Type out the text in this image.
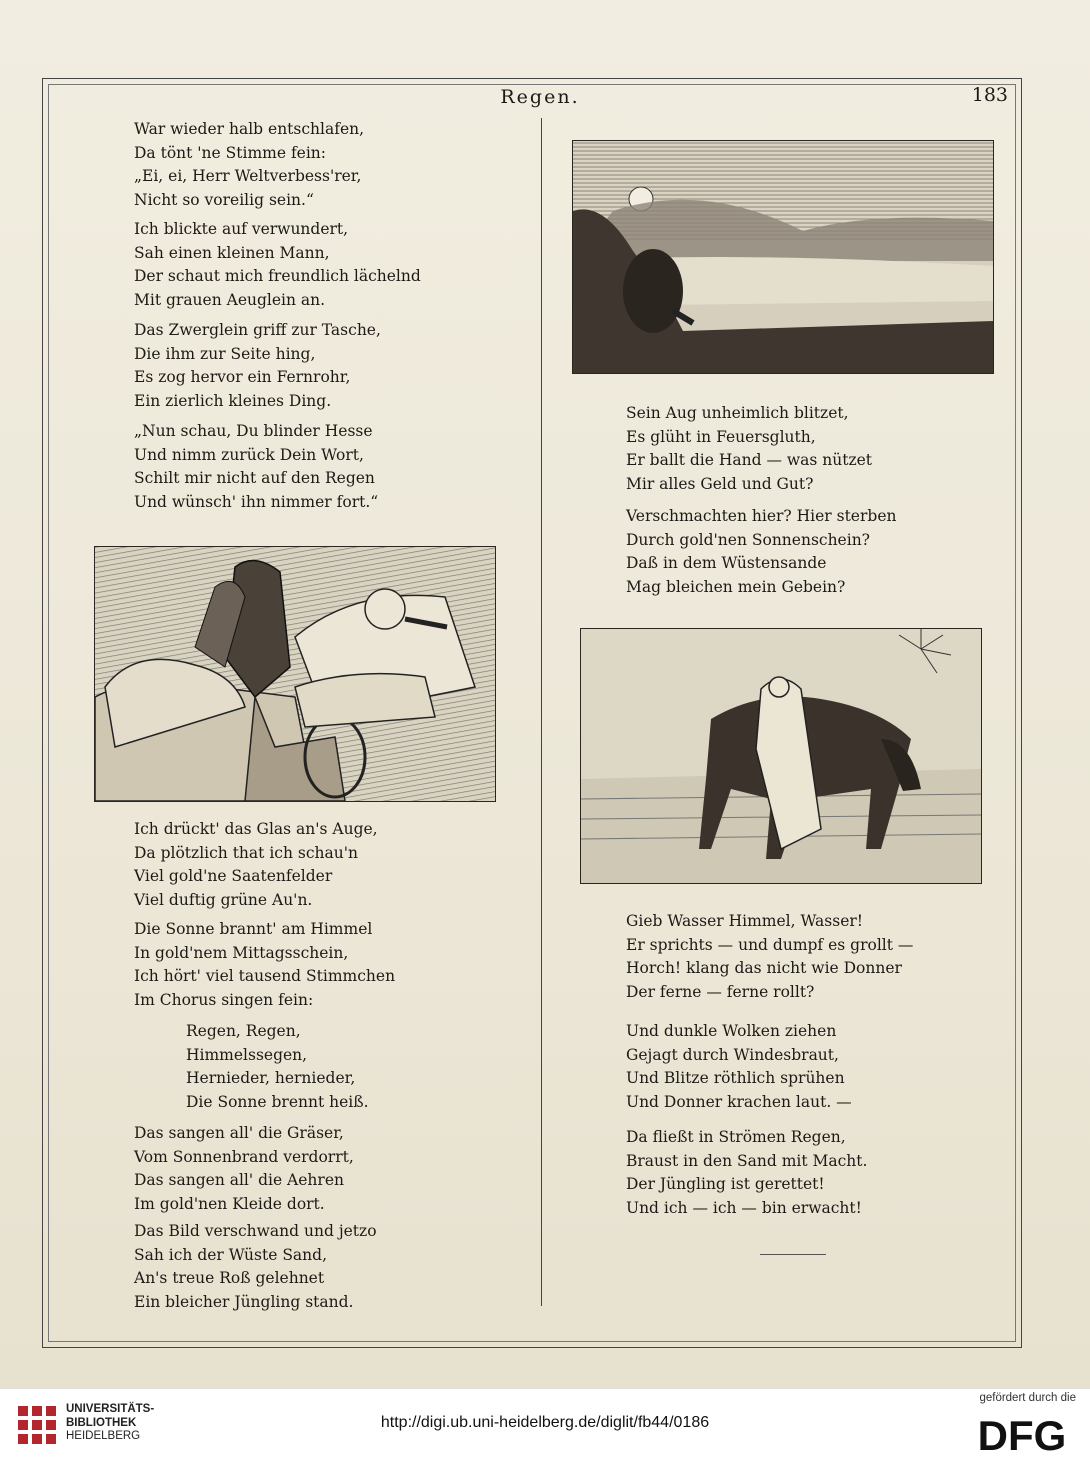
Regen.	183
War wieder halb entschlafen,
Da tönt 'ne Stimme fein:
„Ei, ei, Herr Weltverbess'rer,
Nicht so voreilig sein.“
Ich blickte auf verwundert,
Sah einen kleinen Mann,
Der schaut mich freundlich lächelnd
Mit grauen Aeuglein an.
Das Zwerglein griff zur Tasche,
Die ihm zur Seite hing,
Es zog hervor ein Fernrohr,
Ein zierlich kleines Ding.
„Nun schau, Du blinder Hesse
Und nimm zurück Dein Wort,
Schilt mir nicht auf den Regen
Und wünsch' ihn nimmer fort.“
Ich drückt' das Glas an's Auge,
Da plötzlich that ich schau'n
Viel gold'ne Saatenfelder
Viel duftig grüne Au'n.
Die Sonne brannt' am Himmel
In gold'nem Mittagsschein,
Ich hört' viel tausend Stimmchen
Im Chorus singen fein:
Regen, Regen,
Himmelssegen,
Hernieder, hernieder,
Die Sonne brennt heiß.
Das sangen all' die Gräser,
Vom Sonnenbrand verdorrt,
Das sangen all' die Aehren
Im gold'nen Kleide dort.
Das Bild verschwand und jetzo
Sah ich der Wüste Sand,
An's treue Roß gelehnet
Ein bleicher Jüngling stand.
Sein Aug unheimlich blitzet,
Es glüht in Feuersgluth,
Er ballt die Hand — was nützet
Mir alles Geld und Gut?
Verschmachten hier? Hier sterben
Durch gold'nen Sonnenschein?
Daß in dem Wüstensande
Mag bleichen mein Gebein?
Gieb Wasser Himmel, Wasser!
Er sprichts — und dumpf es grollt —
Horch! klang das nicht wie Donner
Der ferne — ferne rollt?
Und dunkle Wolken ziehen
Gejagt durch Windesbraut,
Und Blitze röthlich sprühen
Und Donner krachen laut. —
Da fließt in Strömen Regen,
Braust in den Sand mit Macht.
Der Jüngling ist gerettet!
Und ich — ich — bin erwacht!
UNIVERSITÄTS-
BIBLIOTHEK
HEIDELBERG
http://digi.ub.uni-heidelberg.de/diglit/fb44/0186
gefördert durch die
DFG
